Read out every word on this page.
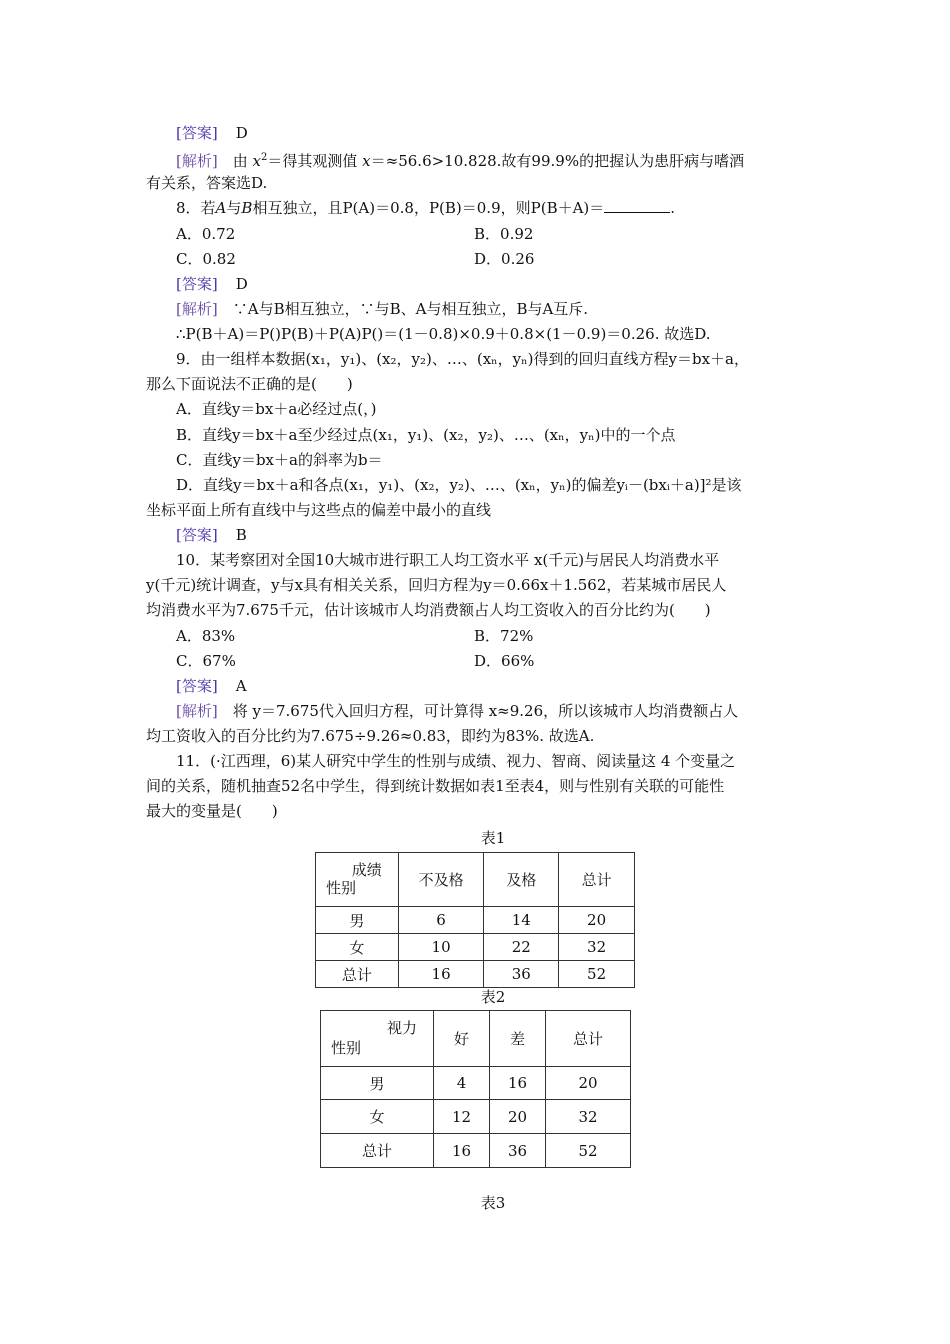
[答案] D
[解析]　 由 $x^2=$得其观测值 x＝≈56.6>10.828.故有99.9%的把握认为患肝病与嗜酒
有关系，答案选D.
8．若A与B相互独立，且P(A)＝0.8，P(B)＝0.9，则P(B＋A)＝	.
A．0.72	B．0.92
C．0.82	D．0.26
[答案] D
[解析]　 ∵A与B相互独立，∵与B、A与相互独立，B与A互斥.
∴P(B＋A)＝P()P(B)＋P(A)P()＝(1－0.8)×0.9＋0.8×(1－0.9)＝0.26. 故选D.
9．由一组样本数据(x₁，y₁)、(x₂，y₂)、…、(xₙ，yₙ)得到的回归直线方程y＝bx＋a，
那么下面说法不正确的是(　　)
A．直线y＝bx＋a必经过点(，)
B．直线y＝bx＋a至少经过点(x₁，y₁)、(x₂，y₂)、…、(xₙ，yₙ)中的一个点
C．直线y＝bx＋a的斜率为b＝
D．直线y＝bx＋a和各点(x₁，y₁)、(x₂，y₂)、…、(xₙ，yₙ)的偏差yᵢ－(bxᵢ＋a)]²是该
坐标平面上所有直线中与这些点的偏差中最小的直线
[答案] B
10．某考察团对全国10大城市进行职工人均工资水平 x(千元)与居民人均消费水平
y(千元)统计调查，y与x具有相关关系，回归方程为y＝0.66x＋1.562，若某城市居民人
均消费水平为7.675千元，估计该城市人均消费额占人均工资收入的百分比约为(　　)
A．83%	B．72%
C．67%	D．66%
[答案] A
[解析]　 将 y＝7.675代入回归方程，可计算得 x≈9.26，所以该城市人均消费额占人
均工资收入的百分比约为7.675÷9.26≈0.83，即约为83%. 故选A.
11．(·江西理，6)某人研究中学生的性别与成绩、视力、智商、阅读量这 4 个变量之
间的关系，随机抽查52名中学生，得到统计数据如表1至表4，则与性别有关联的可能性
最大的变量是(　　)
表1
成绩
性别	不及格	及格	总计
男	6	14	20
女	10	22	32
总计	16	36	52
表2
视力
性别	好	差	总计
男	4	16	20
女	12	20	32
总计	16	36	52
表3
